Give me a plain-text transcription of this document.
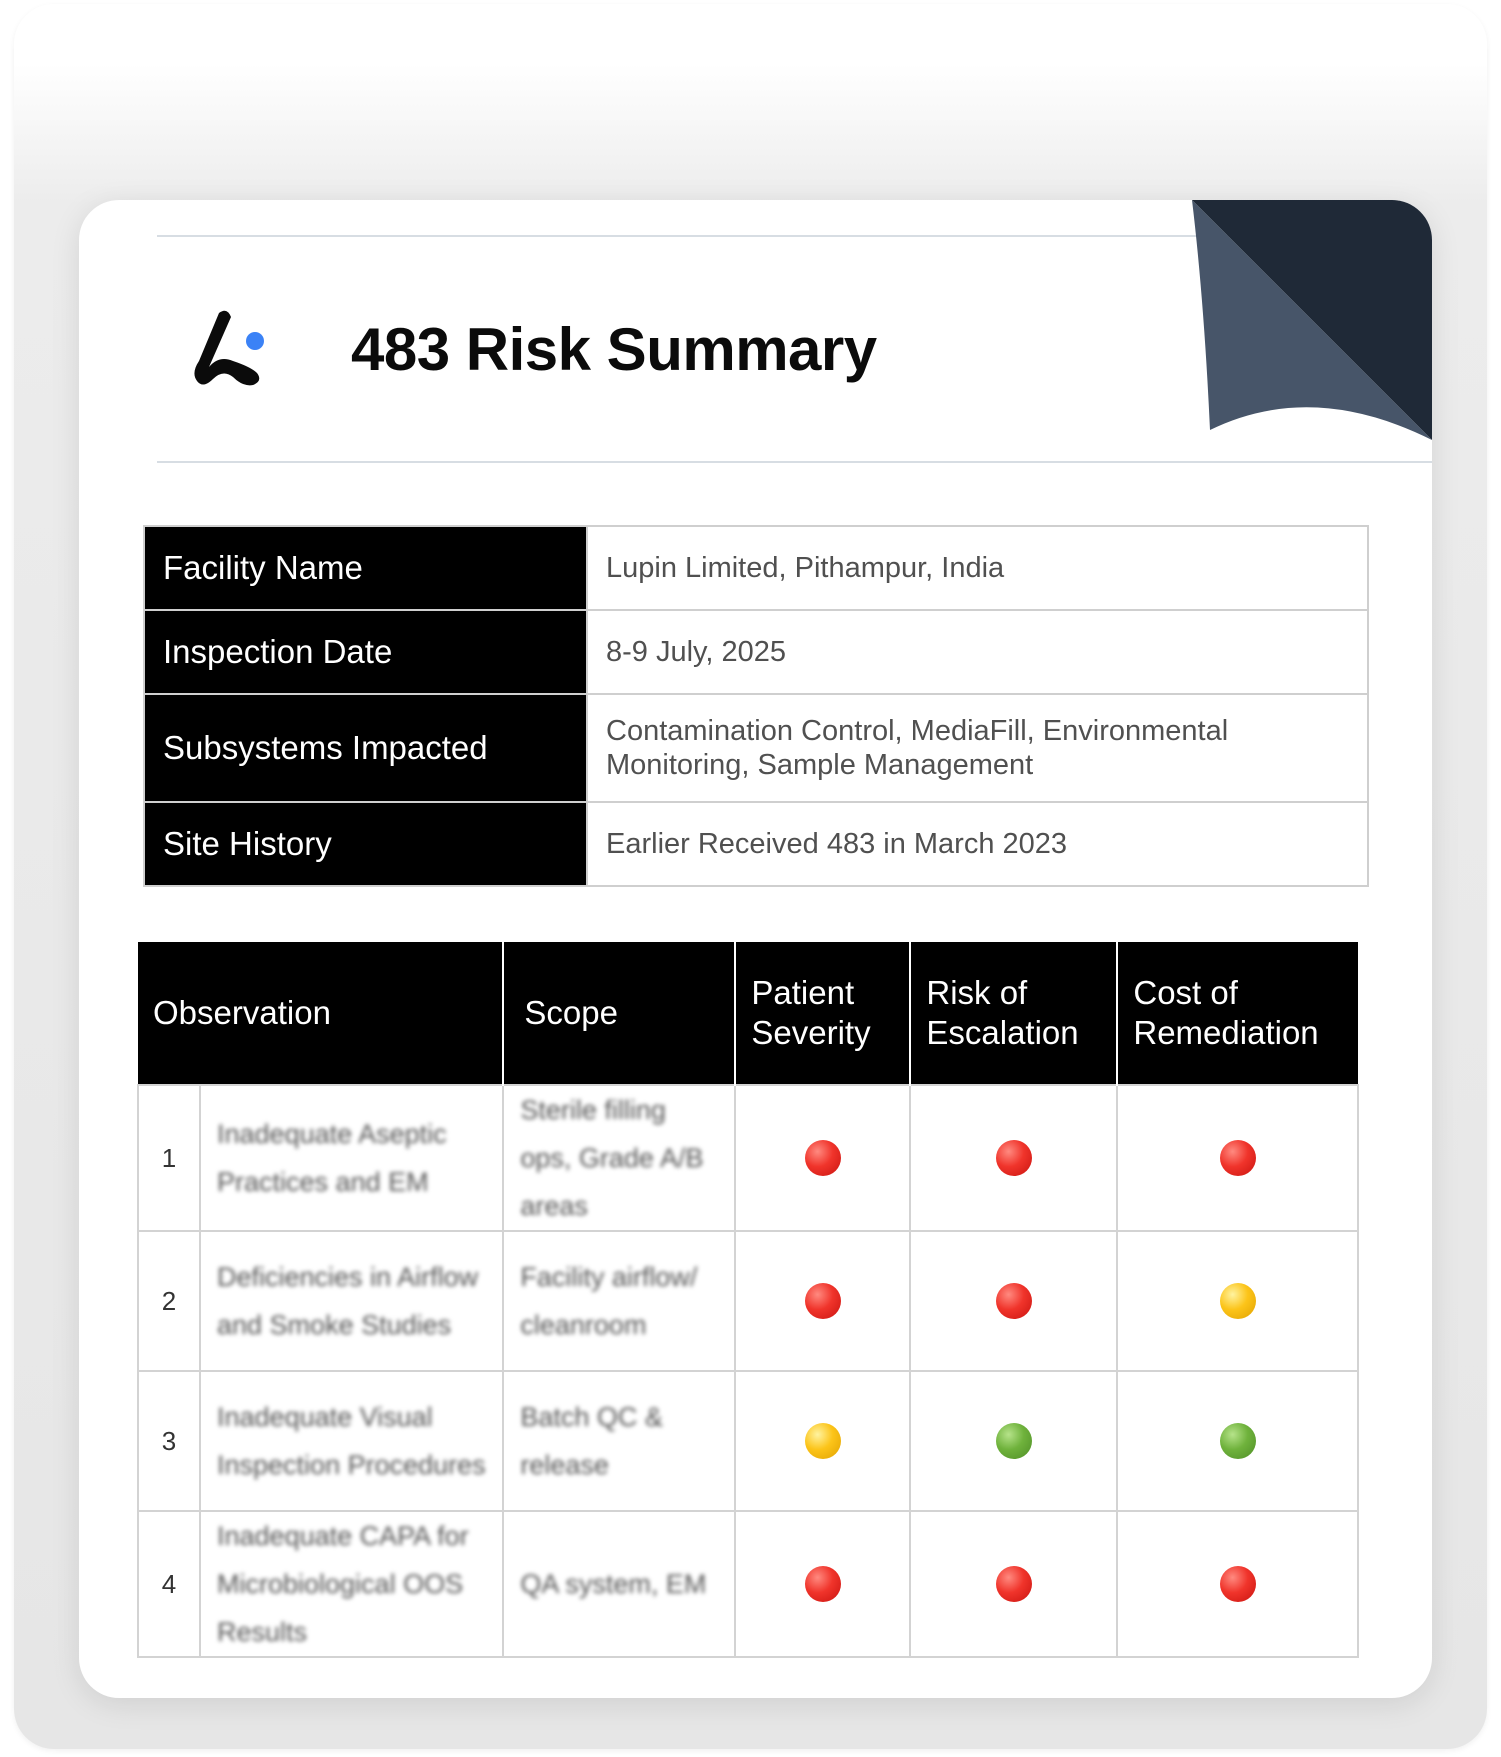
483 Risk Summary
Facility Name	Lupin Limited, Pithampur, India
Inspection Date	8-9 July, 2025
Subsystems Impacted	Contamination Control, MediaFill, Environmental Monitoring, Sample Management
Site History	Earlier Received 483 in March 2023
Observation		Scope	Patient Severity	Risk of Escalation	Cost of Remediation
1	Inadequate Aseptic Practices and EM	Sterile filling ops, Grade A/B areas			
2	Deficiencies in Airflow and Smoke Studies	Facility airflow/ cleanroom			
3	Inadequate Visual Inspection Procedures	Batch QC & release			
4	Inadequate CAPA for Microbiological OOS Results	QA system, EM			
